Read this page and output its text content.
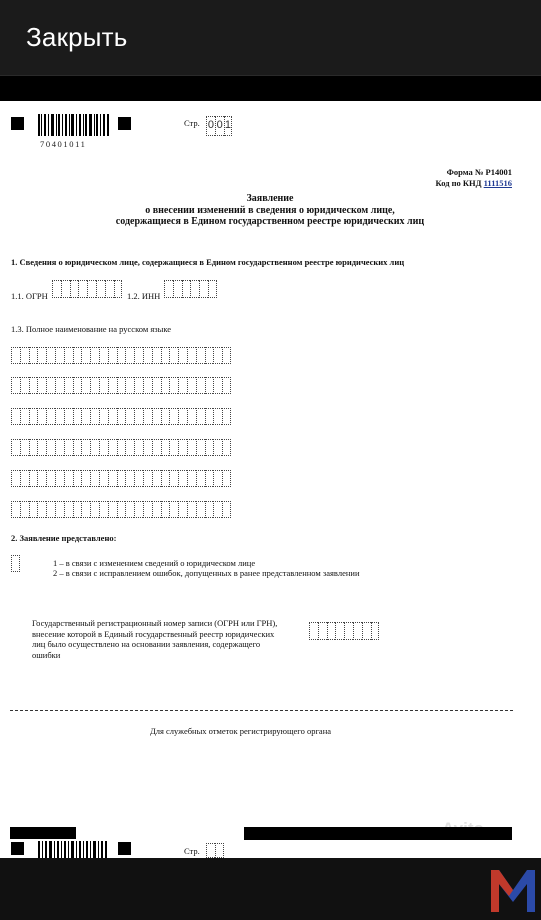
Закрыть
70401011
Стр. 0 0 1
Форма № Р14001
Код по КНД 1111516
Заявление
о внесении изменений в сведения о юридическом лице,
содержащиеся в Едином государственном реестре юридических лиц
1. Сведения о юридическом лице, содержащиеся в Едином государственном реестре юридических лиц
1.1. ОГРН	1.2. ИНН
1.3. Полное наименование на русском языке
2. Заявление представлено:
1 – в связи с изменением сведений о юридическом лице
2 – в связи с исправлением ошибок, допущенных в ранее представленном заявлении
Государственный регистрационный номер записи (ОГРН или ГРН),
внесение которой в Единый государственный реестр юридических
лиц было осуществлено на основании заявления, содержащего
ошибки
Для служебных отметок регистрирующего органа
Стр.
